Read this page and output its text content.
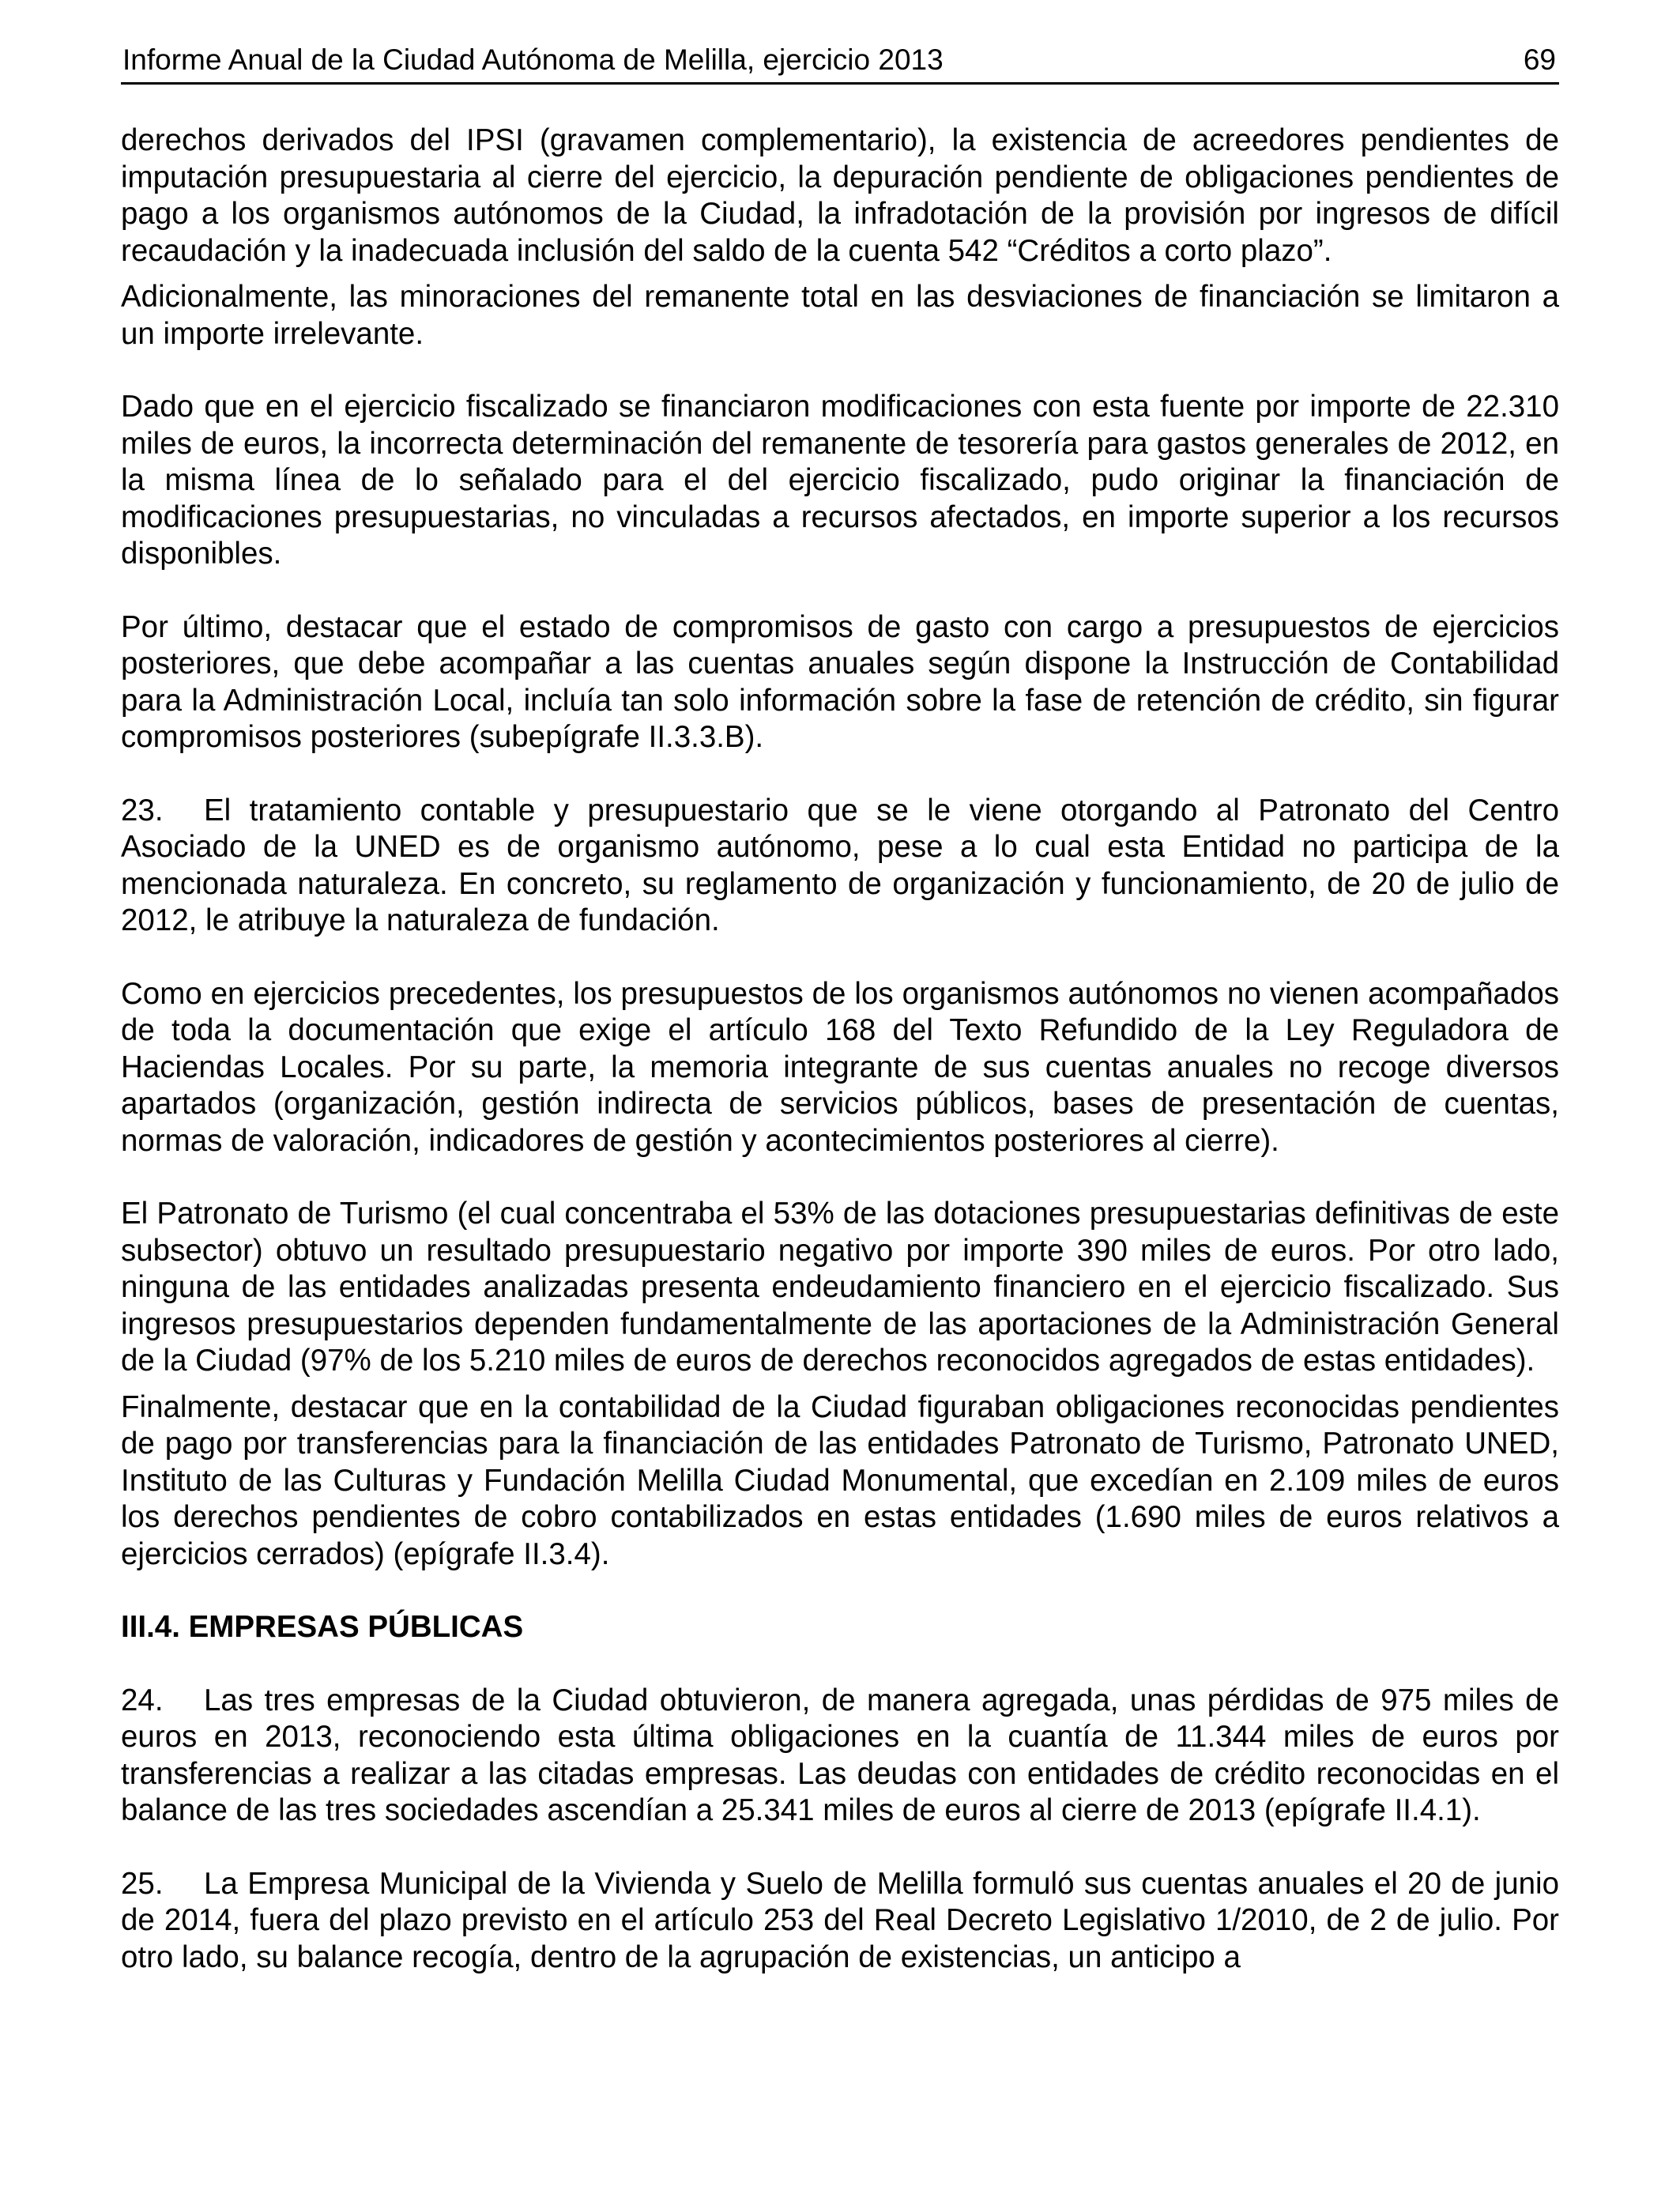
Informe Anual de la Ciudad Autónoma de Melilla, ejercicio 2013	69

derechos derivados del IPSI (gravamen complementario), la existencia de acreedores pendientes de imputación presupuestaria al cierre del ejercicio, la depuración pendiente de obligaciones pendientes de pago a los organismos autónomos de la Ciudad, la infradotación de la provisión por ingresos de difícil recaudación y la inadecuada inclusión del saldo de la cuenta 542 “Créditos a corto plazo”.

Adicionalmente, las minoraciones del remanente total en las desviaciones de financiación se limitaron a un importe irrelevante.

Dado que en el ejercicio fiscalizado se financiaron modificaciones con esta fuente por importe de 22.310 miles de euros, la incorrecta determinación del remanente de tesorería para gastos generales de 2012, en la misma línea de lo señalado para el del ejercicio fiscalizado, pudo originar la financiación de modificaciones presupuestarias, no vinculadas a recursos afectados, en importe superior a los recursos disponibles.

Por último, destacar que el estado de compromisos de gasto con cargo a presupuestos de ejercicios posteriores, que debe acompañar a las cuentas anuales según dispone la Instrucción de Contabilidad para la Administración Local, incluía tan solo información sobre la fase de retención de crédito, sin figurar compromisos posteriores (subepígrafe II.3.3.B).

23. El tratamiento contable y presupuestario que se le viene otorgando al Patronato del Centro Asociado de la UNED es de organismo autónomo, pese a lo cual esta Entidad no participa de la mencionada naturaleza. En concreto, su reglamento de organización y funcionamiento, de 20 de julio de 2012, le atribuye la naturaleza de fundación.

Como en ejercicios precedentes, los presupuestos de los organismos autónomos no vienen acompañados de toda la documentación que exige el artículo 168 del Texto Refundido de la Ley Reguladora de Haciendas Locales. Por su parte, la memoria integrante de sus cuentas anuales no recoge diversos apartados (organización, gestión indirecta de servicios públicos, bases de presentación de cuentas, normas de valoración, indicadores de gestión y acontecimientos posteriores al cierre).

El Patronato de Turismo (el cual concentraba el 53% de las dotaciones presupuestarias definitivas de este subsector) obtuvo un resultado presupuestario negativo por importe 390 miles de euros. Por otro lado, ninguna de las entidades analizadas presenta endeudamiento financiero en el ejercicio fiscalizado. Sus ingresos presupuestarios dependen fundamentalmente de las aportaciones de la Administración General de la Ciudad (97% de los 5.210 miles de euros de derechos reconocidos agregados de estas entidades).

Finalmente, destacar que en la contabilidad de la Ciudad figuraban obligaciones reconocidas pendientes de pago por transferencias para la financiación de las entidades Patronato de Turismo, Patronato UNED, Instituto de las Culturas y Fundación Melilla Ciudad Monumental, que excedían en 2.109 miles de euros los derechos pendientes de cobro contabilizados en estas entidades (1.690 miles de euros relativos a ejercicios cerrados) (epígrafe II.3.4).

III.4. EMPRESAS PÚBLICAS

24. Las tres empresas de la Ciudad obtuvieron, de manera agregada, unas pérdidas de 975 miles de euros en 2013, reconociendo esta última obligaciones en la cuantía de 11.344 miles de euros por transferencias a realizar a las citadas empresas. Las deudas con entidades de crédito reconocidas en el balance de las tres sociedades ascendían a 25.341 miles de euros al cierre de 2013 (epígrafe II.4.1).

25. La Empresa Municipal de la Vivienda y Suelo de Melilla formuló sus cuentas anuales el 20 de junio de 2014, fuera del plazo previsto en el artículo 253 del Real Decreto Legislativo 1/2010, de 2 de julio. Por otro lado, su balance recogía, dentro de la agrupación de existencias, un anticipo a
